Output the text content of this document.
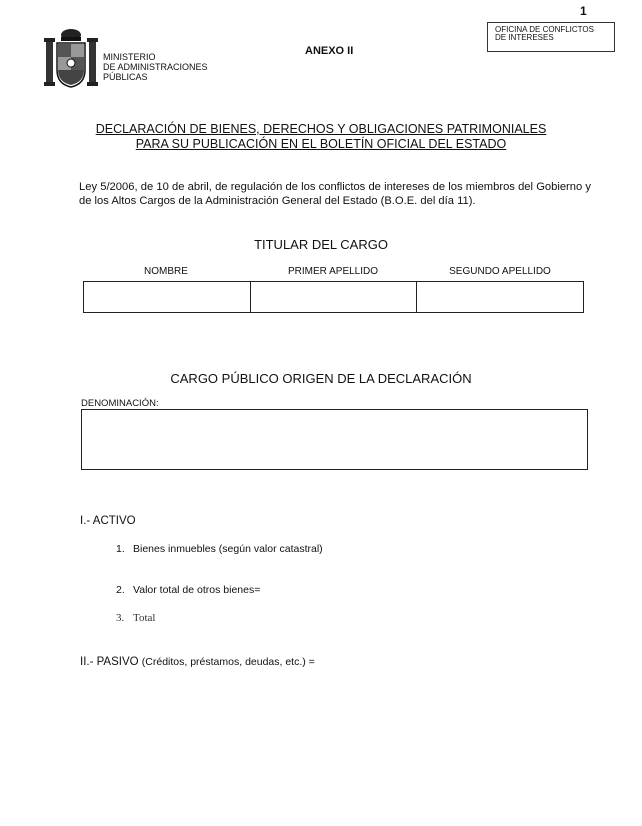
1
OFICINA DE CONFLICTOS
DE INTERESES
MINISTERIO
DE ADMINISTRACIONES
PÚBLICAS
ANEXO II
DECLARACIÓN DE BIENES, DERECHOS Y OBLIGACIONES PATRIMONIALES
PARA SU PUBLICACIÓN EN EL BOLETÍN OFICIAL DEL ESTADO
Ley 5/2006, de 10 de abril, de regulación de los conflictos de intereses de los miembros del Gobierno y de los Altos Cargos de la Administración General del Estado (B.O.E. del día 11).
TITULAR DEL CARGO
NOMBRE	PRIMER APELLIDO	SEGUNDO APELLIDO
CARGO PÚBLICO ORIGEN DE LA DECLARACIÓN
DENOMINACIÓN:
I.- ACTIVO
1. Bienes inmuebles (según valor catastral)
2. Valor total de otros bienes=
3. Total
II.- PASIVO (Créditos, préstamos, deudas, etc.) =
